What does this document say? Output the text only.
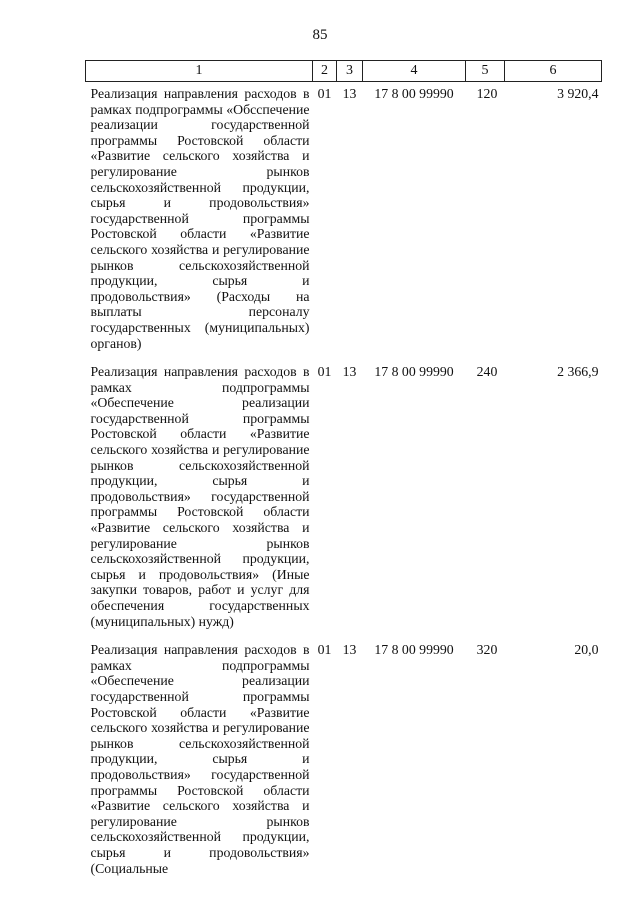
85
1	2	3	4	5	6
Реализация направления расходов в рамках подпрограммы «Обсспечение реализации государственной программы Ростовской области «Развитие сельского хозяйства и регулирование рынков сельскохозяйственной продукции, сырья и продовольствия» государственной программы Ростовской области «Развитие сельского хозяйства и регулирование рынков сельскохозяйственной продукции, сырья и продовольствия» (Расходы на выплаты персоналу государственных (муниципальных) органов)	01	13	17 8 00 99990	120	3 920,4
Реализация направления расходов в рамках подпрограммы «Обеспечение реализации государственной программы Ростовской области «Развитие сельского хозяйства и регулирование рынков сельскохозяйственной продукции, сырья и продовольствия» государственной программы Ростовской области «Развитие сельского хозяйства и регулирование рынков сельскохозяйственной продукции, сырья и продовольствия» (Иные закупки товаров, работ и услуг для обеспечения государственных (муниципальных) нужд)	01	13	17 8 00 99990	240	2 366,9
Реализация направления расходов в рамках подпрограммы «Обеспечение реализации государственной программы Ростовской области «Развитие сельского хозяйства и регулирование рынков сельскохозяйственной продукции, сырья и продовольствия» государственной программы Ростовской области «Развитие сельского хозяйства и регулирование рынков сельскохозяйственной продукции, сырья и продовольствия» (Социальные	01	13	17 8 00 99990	320	20,0
